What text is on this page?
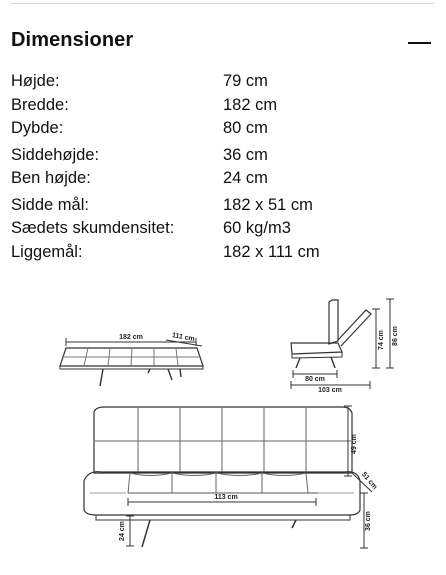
Dimensioner
Højde:	79 cm
Bredde:	182 cm
Dybde:	80 cm
Siddehøjde:	36 cm
Ben højde:	24 cm
Sidde mål:	182 x 51 cm
Sædets skumdensitet:	60 kg/m3
Liggemål:	182 x 111 cm
182 cm	111 cm
80 cm
103 cm
74 cm 86 cm
113 cm
49 cm
51 cm
36 cm
24 cm
